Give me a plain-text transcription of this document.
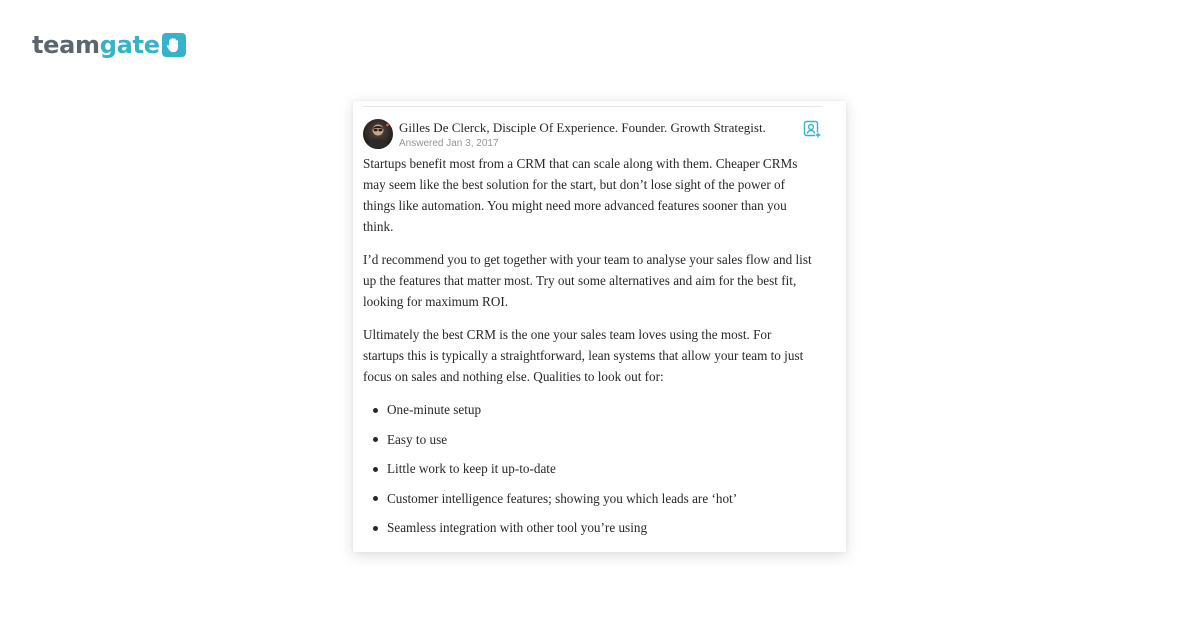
team gate
Gilles De Clerck, Disciple Of Experience. Founder. Growth Strategist.
Answered Jan 3, 2017

Startups benefit most from a CRM that can scale along with them. Cheaper CRMs may seem like the best solution for the start, but don’t lose sight of the power of things like automation. You might need more advanced features sooner than you think.

I’d recommend you to get together with your team to analyse your sales flow and list up the features that matter most. Try out some alternatives and aim for the best fit, looking for maximum ROI.

Ultimately the best CRM is the one your sales team loves using the most. For startups this is typically a straightforward, lean systems that allow your team to just focus on sales and nothing else. Qualities to look out for:

One-minute setup
Easy to use
Little work to keep it up-to-date
Customer intelligence features; showing you which leads are ‘hot’
Seamless integration with other tool you’re using
